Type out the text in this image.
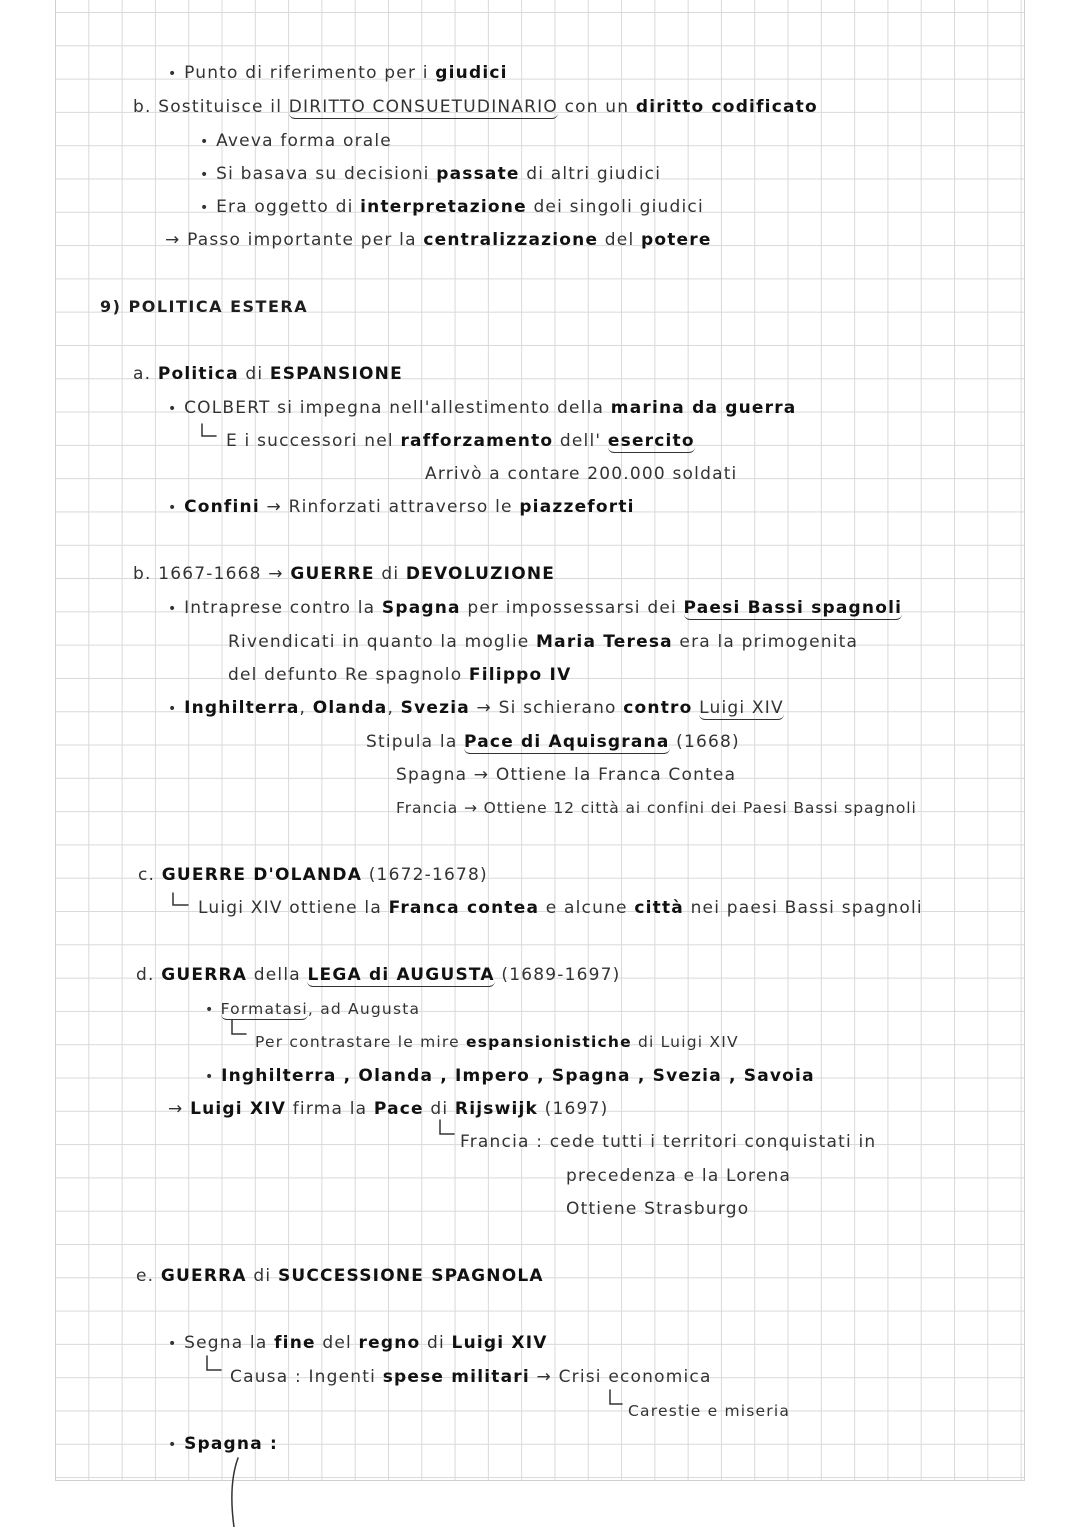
• Punto di riferimento per i giudici
b. Sostituisce il DIRITTO CONSUETUDINARIO con un diritto codificato
• Aveva forma orale
• Si basava su decisioni passate di altri giudici
• Era oggetto di interpretazione dei singoli giudici
→ Passo importante per la centralizzazione del potere
9) POLITICA ESTERA
a. Politica di ESPANSIONE
• COLBERT si impegna nell'allestimento della marina da guerra
E i successori nel rafforzamento dell' esercito
Arrivò a contare 200.000 soldati
• Confini → Rinforzati attraverso le piazzeforti
b. 1667-1668 → GUERRE di DEVOLUZIONE
• Intraprese contro la Spagna per impossessarsi dei Paesi Bassi spagnoli
Rivendicati in quanto la moglie Maria Teresa era la primogenita
del defunto Re spagnolo Filippo IV
• Inghilterra, Olanda, Svezia → Si schierano contro Luigi XIV
Stipula la Pace di Aquisgrana (1668)
Spagna → Ottiene la Franca Contea
Francia → Ottiene 12 città ai confini dei Paesi Bassi spagnoli
c. GUERRE D'OLANDA (1672-1678)
Luigi XIV ottiene la Franca contea e alcune città nei paesi Bassi spagnoli
d. GUERRA della LEGA di AUGUSTA (1689-1697)
• Formatasi, ad Augusta
Per contrastare le mire espansionistiche di Luigi XIV
• Inghilterra , Olanda , Impero , Spagna , Svezia , Savoia
→ Luigi XIV firma la Pace di Rijswijk (1697)
Francia : cede tutti i territori conquistati in
precedenza e la Lorena
Ottiene Strasburgo
e. GUERRA di SUCCESSIONE SPAGNOLA
• Segna la fine del regno di Luigi XIV
Causa : Ingenti spese militari → Crisi economica
Carestie e miseria
• Spagna :
